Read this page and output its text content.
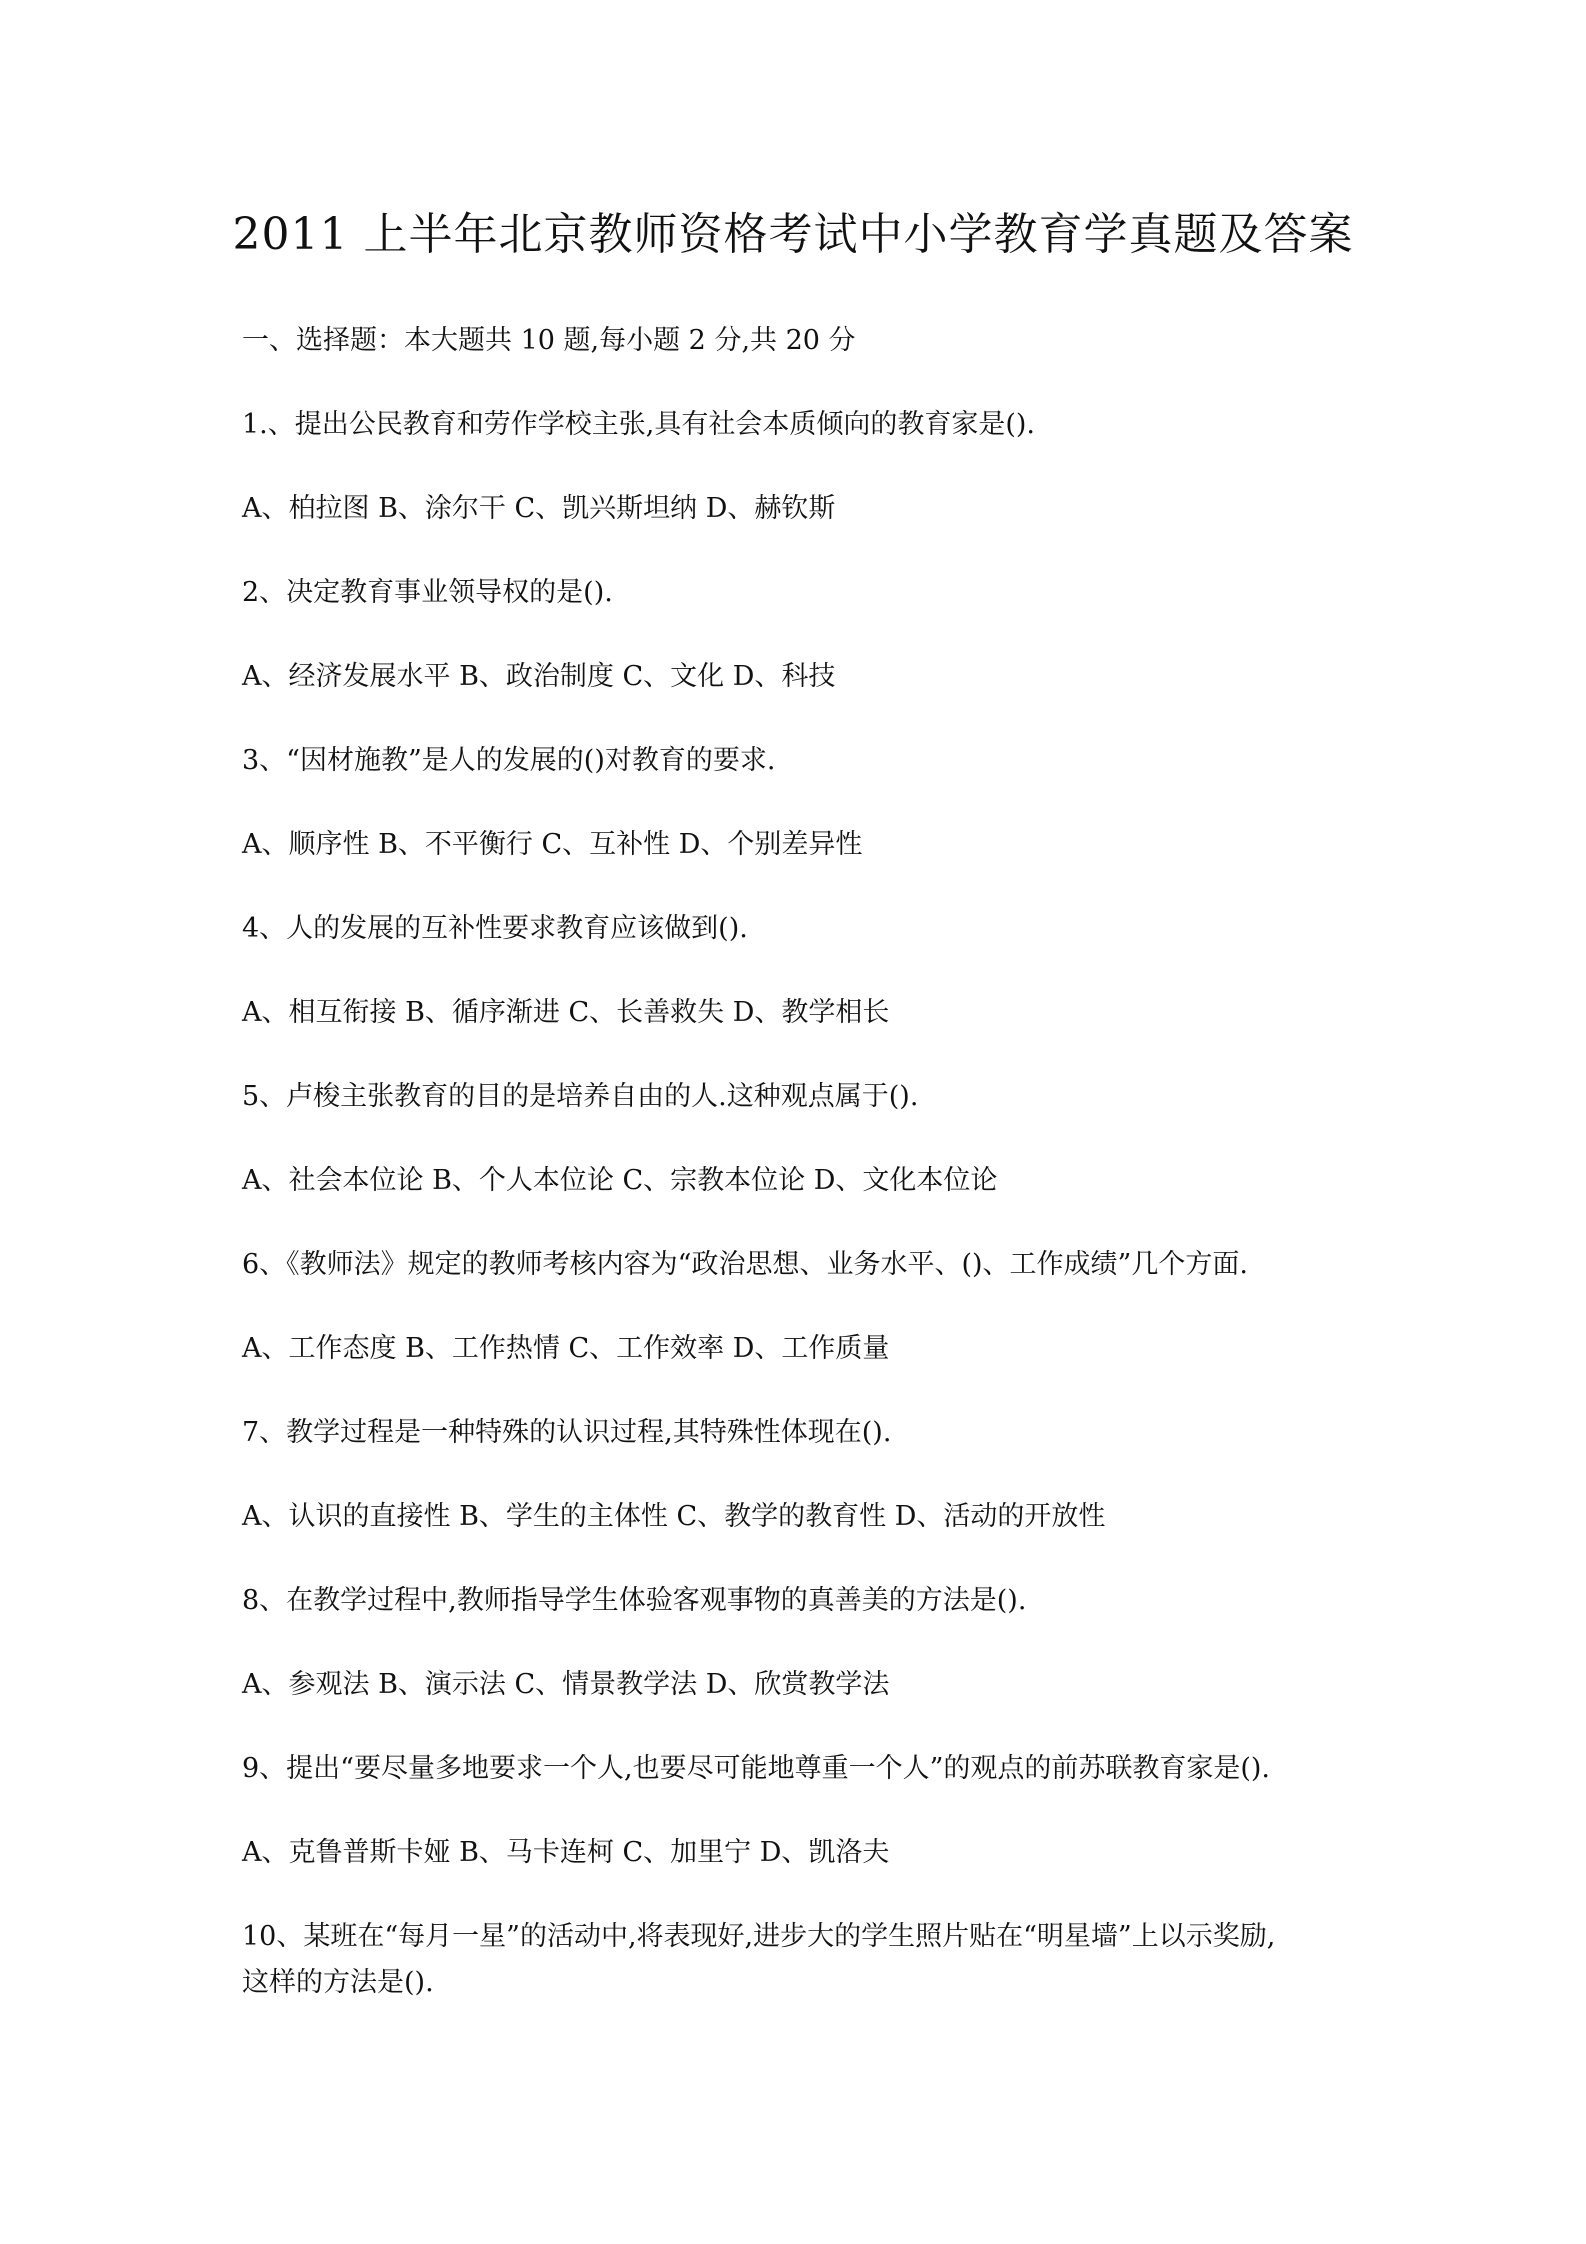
2011 上半年北京教师资格考试中小学教育学真题及答案
一、选择题：本大题共 10 题,每小题 2 分,共 20 分
1.、提出公民教育和劳作学校主张,具有社会本质倾向的教育家是().
A、柏拉图 B、涂尔干 C、凯兴斯坦纳 D、赫钦斯
2、决定教育事业领导权的是().
A、经济发展水平 B、政治制度 C、文化 D、科技
3、“因材施教”是人的发展的()对教育的要求.
A、顺序性 B、不平衡行 C、互补性 D、个别差异性
4、人的发展的互补性要求教育应该做到().
A、相互衔接 B、循序渐进 C、长善救失 D、教学相长
5、卢梭主张教育的目的是培养自由的人.这种观点属于().
A、社会本位论 B、个人本位论 C、宗教本位论 D、文化本位论
6、《教师法》规定的教师考核内容为“政治思想、业务水平、()、工作成绩”几个方面.
A、工作态度 B、工作热情 C、工作效率 D、工作质量
7、教学过程是一种特殊的认识过程,其特殊性体现在().
A、认识的直接性 B、学生的主体性 C、教学的教育性 D、活动的开放性
8、在教学过程中,教师指导学生体验客观事物的真善美的方法是().
A、参观法 B、演示法 C、情景教学法 D、欣赏教学法
9、提出“要尽量多地要求一个人,也要尽可能地尊重一个人”的观点的前苏联教育家是().
A、克鲁普斯卡娅 B、马卡连柯 C、加里宁 D、凯洛夫
10、某班在“每月一星”的活动中,将表现好,进步大的学生照片贴在“明星墙”上以示奖励,
这样的方法是().
